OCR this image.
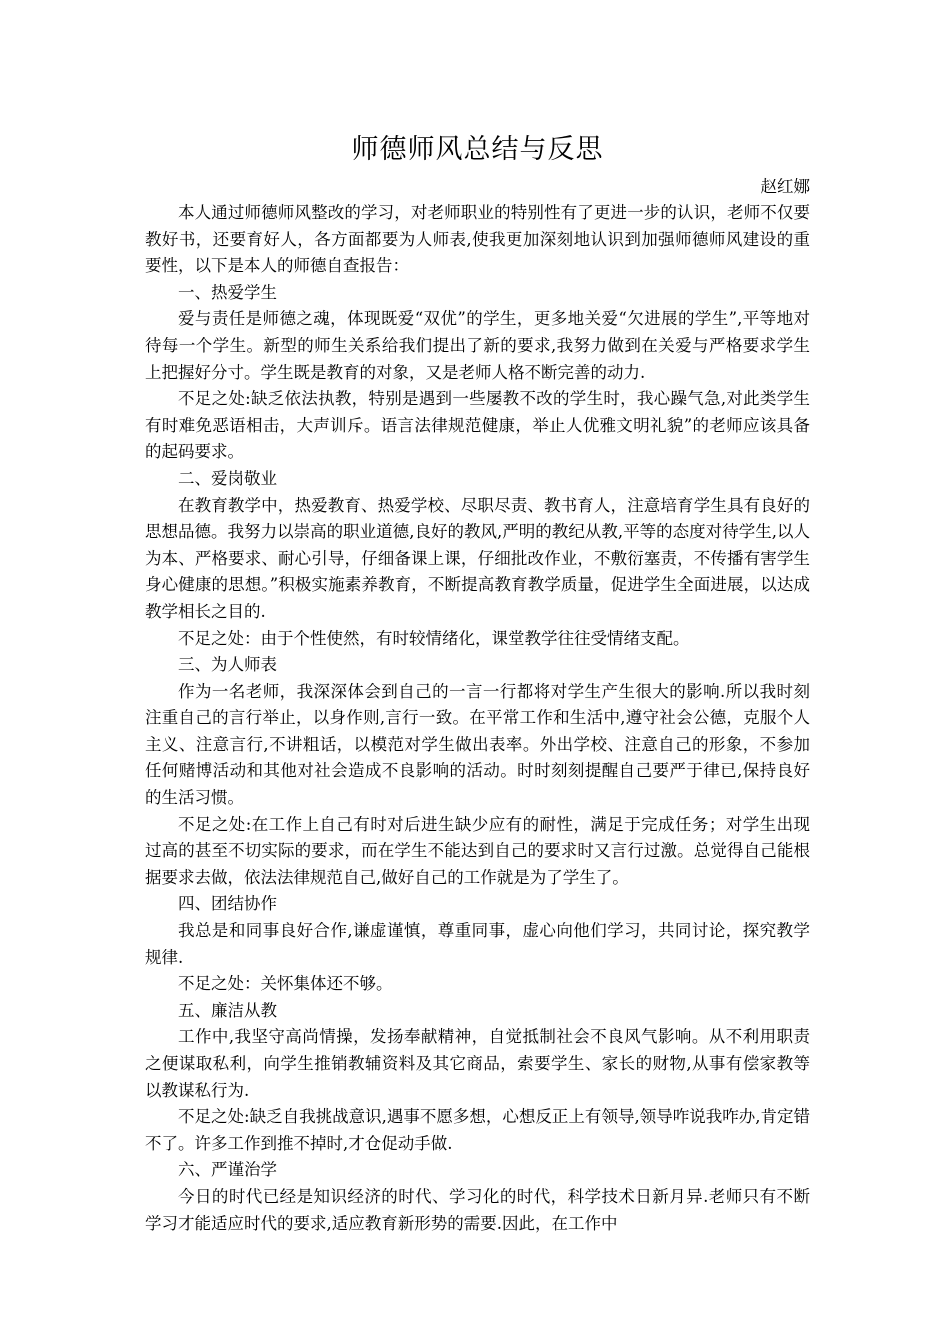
师德师风总结与反思
赵红娜

本人通过师德师风整改的学习，对老师职业的特别性有了更进一步的认识，老师不仅要教好书，还要育好人，各方面都要为人师表,使我更加深刻地认识到加强师德师风建设的重要性，以下是本人的师德自查报告：

一、热爱学生

爱与责任是师德之魂，体现既爱“双优”的学生，更多地关爱“欠进展的学生”,平等地对待每一个学生。新型的师生关系给我们提出了新的要求,我努力做到在关爱与严格要求学生上把握好分寸。学生既是教育的对象，又是老师人格不断完善的动力.

不足之处:缺乏依法执教，特别是遇到一些屡教不改的学生时，我心躁气急,对此类学生有时难免恶语相击，大声训斥。语言法律规范健康，举止人优雅文明礼貌”的老师应该具备的起码要求。

二、爱岗敬业

在教育教学中，热爱教育、热爱学校、尽职尽责、教书育人，注意培育学生具有良好的思想品德。我努力以崇高的职业道德,良好的教风,严明的教纪从教,平等的态度对待学生,以人为本、严格要求、耐心引导，仔细备课上课，仔细批改作业，不敷衍塞责，不传播有害学生身心健康的思想。”积极实施素养教育，不断提高教育教学质量，促进学生全面进展，以达成教学相长之目的.

不足之处：由于个性使然，有时较情绪化，课堂教学往往受情绪支配。

三、为人师表

作为一名老师，我深深体会到自己的一言一行都将对学生产生很大的影响.所以我时刻注重自己的言行举止，以身作则,言行一致。在平常工作和生活中,遵守社会公德，克服个人主义、注意言行,不讲粗话，以模范对学生做出表率。外出学校、注意自己的形象，不参加任何赌博活动和其他对社会造成不良影响的活动。时时刻刻提醒自己要严于律已,保持良好的生活习惯。

不足之处:在工作上自己有时对后进生缺少应有的耐性，满足于完成任务；对学生出现过高的甚至不切实际的要求，而在学生不能达到自己的要求时又言行过激。总觉得自己能根据要求去做，依法法律规范自己,做好自己的工作就是为了学生了。

四、团结协作

我总是和同事良好合作,谦虚谨慎，尊重同事，虚心向他们学习，共同讨论，探究教学规律.

不足之处：关怀集体还不够。

五、廉洁从教

工作中,我坚守高尚情操，发扬奉献精神，自觉抵制社会不良风气影响。从不利用职责之便谋取私利，向学生推销教辅资料及其它商品，索要学生、家长的财物,从事有偿家教等以教谋私行为.

不足之处:缺乏自我挑战意识,遇事不愿多想，心想反正上有领导,领导咋说我咋办,肯定错不了。许多工作到推不掉时,才仓促动手做.

六、严谨治学

今日的时代已经是知识经济的时代、学习化的时代，科学技术日新月异.老师只有不断学习才能适应时代的要求,适应教育新形势的需要.因此，在工作中
